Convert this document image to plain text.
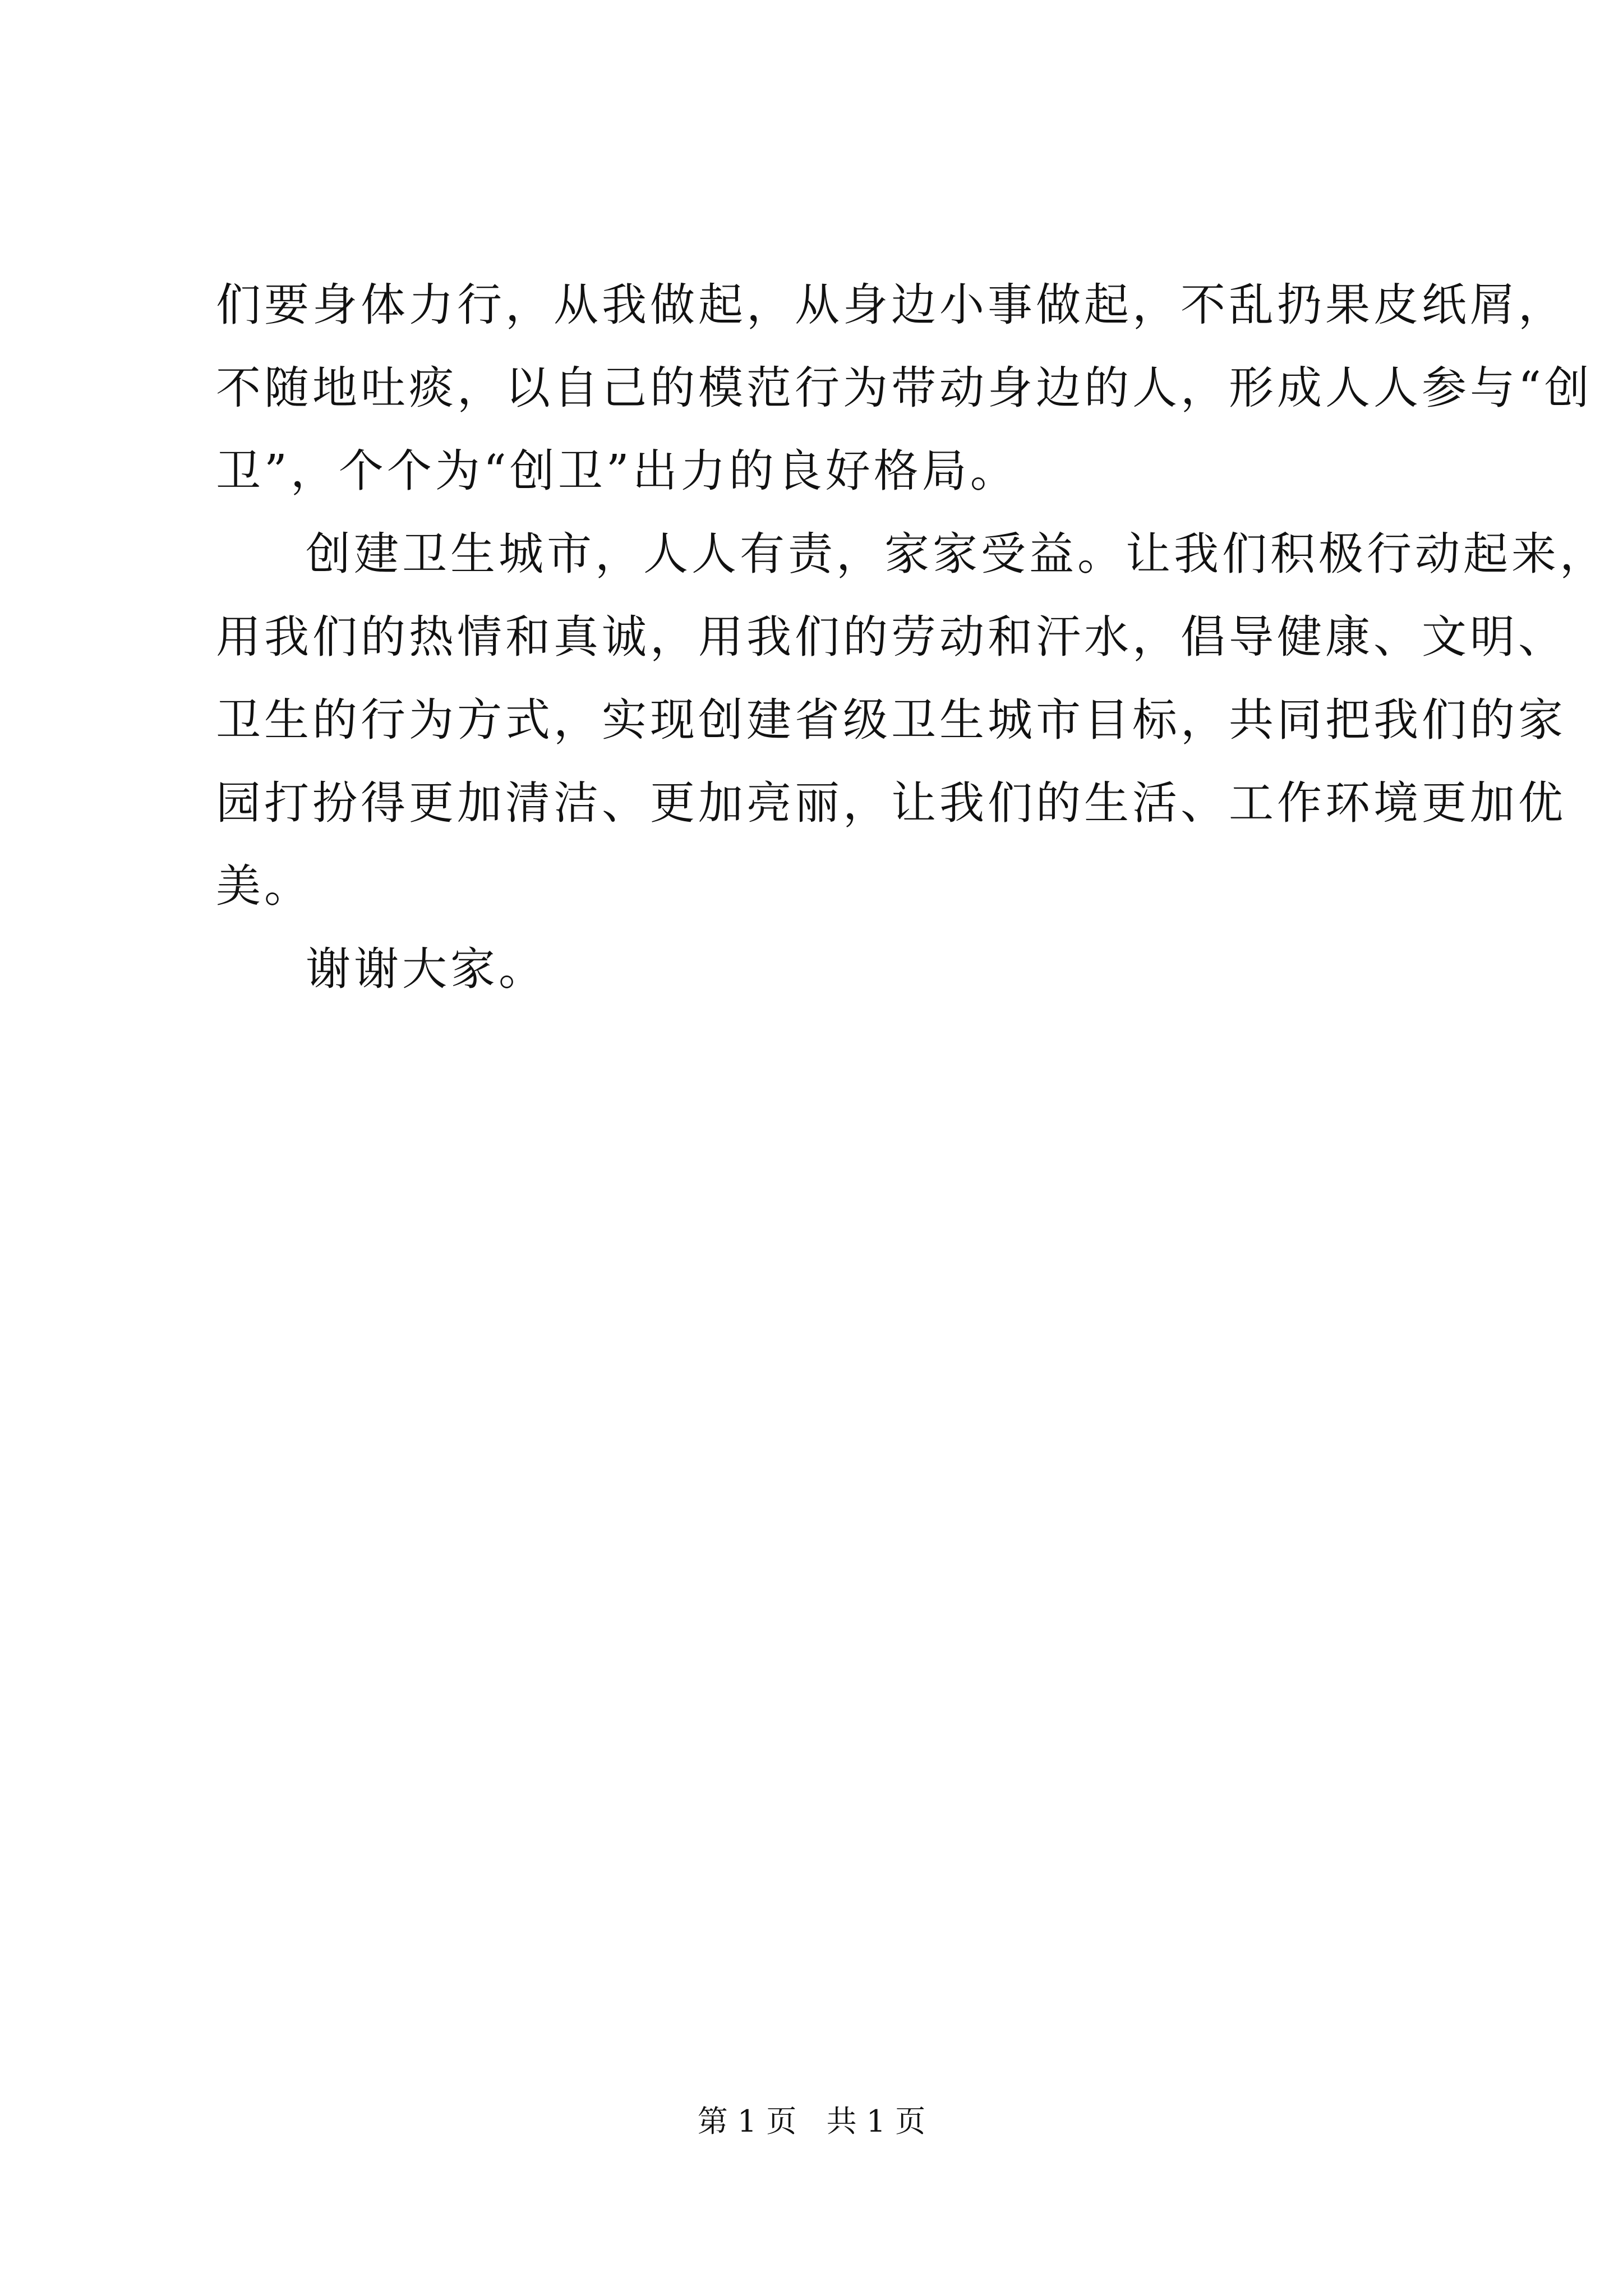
们要身体力行，从我做起，从身边小事做起，不乱扔果皮纸屑，
不随地吐痰，以自己的模范行为带动身边的人，形成人人参与“创
卫”，个个为“创卫”出力的良好格局。
创建卫生城市，人人有责，家家受益。让我们积极行动起来，
用我们的热情和真诚，用我们的劳动和汗水，倡导健康、文明、
卫生的行为方式，实现创建省级卫生城市目标，共同把我们的家
园打扮得更加清洁、更加亮丽，让我们的生活、工作环境更加优
美。
谢谢大家。
第 1 页 共 1 页
